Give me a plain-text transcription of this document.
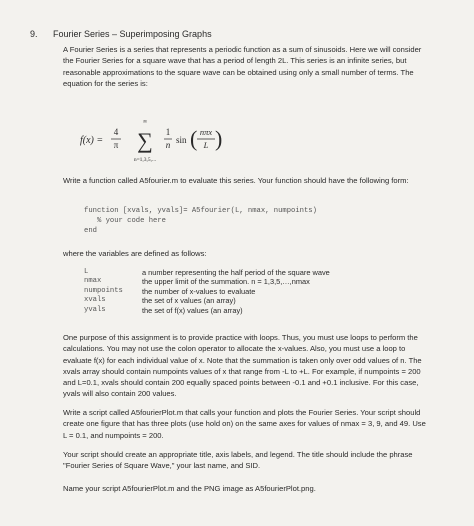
9. Fourier Series – Superimposing Graphs
A Fourier Series is a series that represents a periodic function as a sum of sinusoids. Here we will consider the Fourier Series for a square wave that has a period of length 2L. This series is an infinite series, but reasonable approximations to the square wave can be obtained using only a small number of terms. The equation for the series is:
f(x) =
4
π
∞
∑
n=1,3,5,...
1
n sin ( nπx
L )
Write a function called A5fourier.m to evaluate this series. Your function should have the following form:
function [xvals, yvals]= A5fourier(L, nmax, numpoints)
% your code here
end
where the variables are defined as follows:
L	a number representing the half period of the square wave
nmax	the upper limit of the summation. n = 1,3,5,…,nmax
numpoints	the number of x-values to evaluate
xvals	the set of x values (an array)
yvals	the set of f(x) values (an array)
One purpose of this assignment is to provide practice with loops. Thus, you must use loops to perform the calculations. You may not use the colon operator to allocate the x-values. Also, you must use a loop to evaluate f(x) for each individual value of x. Note that the summation is taken only over odd values of n. The xvals array should contain numpoints values of x that range from -L to +L. For example, if numpoints = 200 and L=0.1, xvals should contain 200 equally spaced points between -0.1 and +0.1 inclusive. For this case, yvals will also contain 200 values.
Write a script called A5fourierPlot.m that calls your function and plots the Fourier Series. Your script should create one figure that has three plots (use hold on) on the same axes for values of nmax = 3, 9, and 49. Use L = 0.1, and numpoints = 200.
Your script should create an appropriate title, axis labels, and legend. The title should include the phrase "Fourier Series of Square Wave," your last name, and SID.
Name your script A5fourierPlot.m and the PNG image as A5fourierPlot.png.
